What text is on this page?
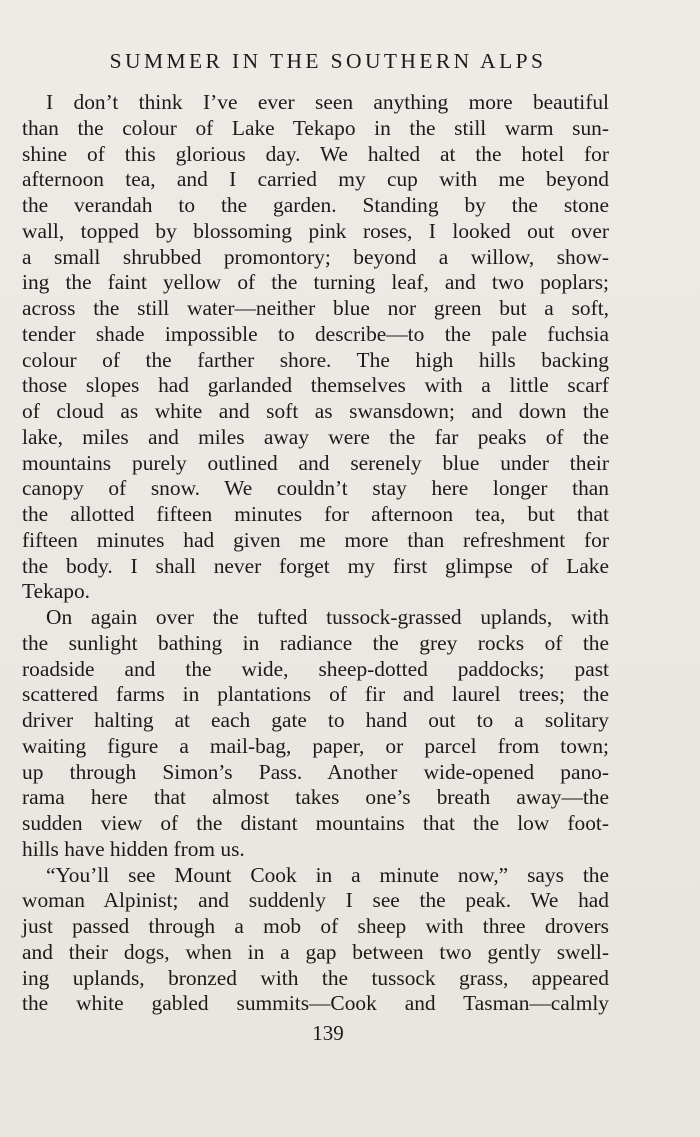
SUMMER IN THE SOUTHERN ALPS
I don’t think I’ve ever seen anything more beautiful
than the colour of Lake Tekapo in the still warm sun-
shine of this glorious day. We halted at the hotel for
afternoon tea, and I carried my cup with me beyond
the verandah to the garden. Standing by the stone
wall, topped by blossoming pink roses, I looked out over
a small shrubbed promontory; beyond a willow, show-
ing the faint yellow of the turning leaf, and two poplars;
across the still water—neither blue nor green but a soft,
tender shade impossible to describe—to the pale fuchsia
colour of the farther shore. The high hills backing
those slopes had garlanded themselves with a little scarf
of cloud as white and soft as swansdown; and down the
lake, miles and miles away were the far peaks of the
mountains purely outlined and serenely blue under their
canopy of snow. We couldn’t stay here longer than
the allotted fifteen minutes for afternoon tea, but that
fifteen minutes had given me more than refreshment for
the body. I shall never forget my first glimpse of Lake
Tekapo.
On again over the tufted tussock-grassed uplands, with
the sunlight bathing in radiance the grey rocks of the
roadside and the wide, sheep-dotted paddocks; past
scattered farms in plantations of fir and laurel trees; the
driver halting at each gate to hand out to a solitary
waiting figure a mail-bag, paper, or parcel from town;
up through Simon’s Pass. Another wide-opened pano-
rama here that almost takes one’s breath away—the
sudden view of the distant mountains that the low foot-
hills have hidden from us.
“You’ll see Mount Cook in a minute now,” says the
woman Alpinist; and suddenly I see the peak. We had
just passed through a mob of sheep with three drovers
and their dogs, when in a gap between two gently swell-
ing uplands, bronzed with the tussock grass, appeared
the white gabled summits—Cook and Tasman—calmly
139
